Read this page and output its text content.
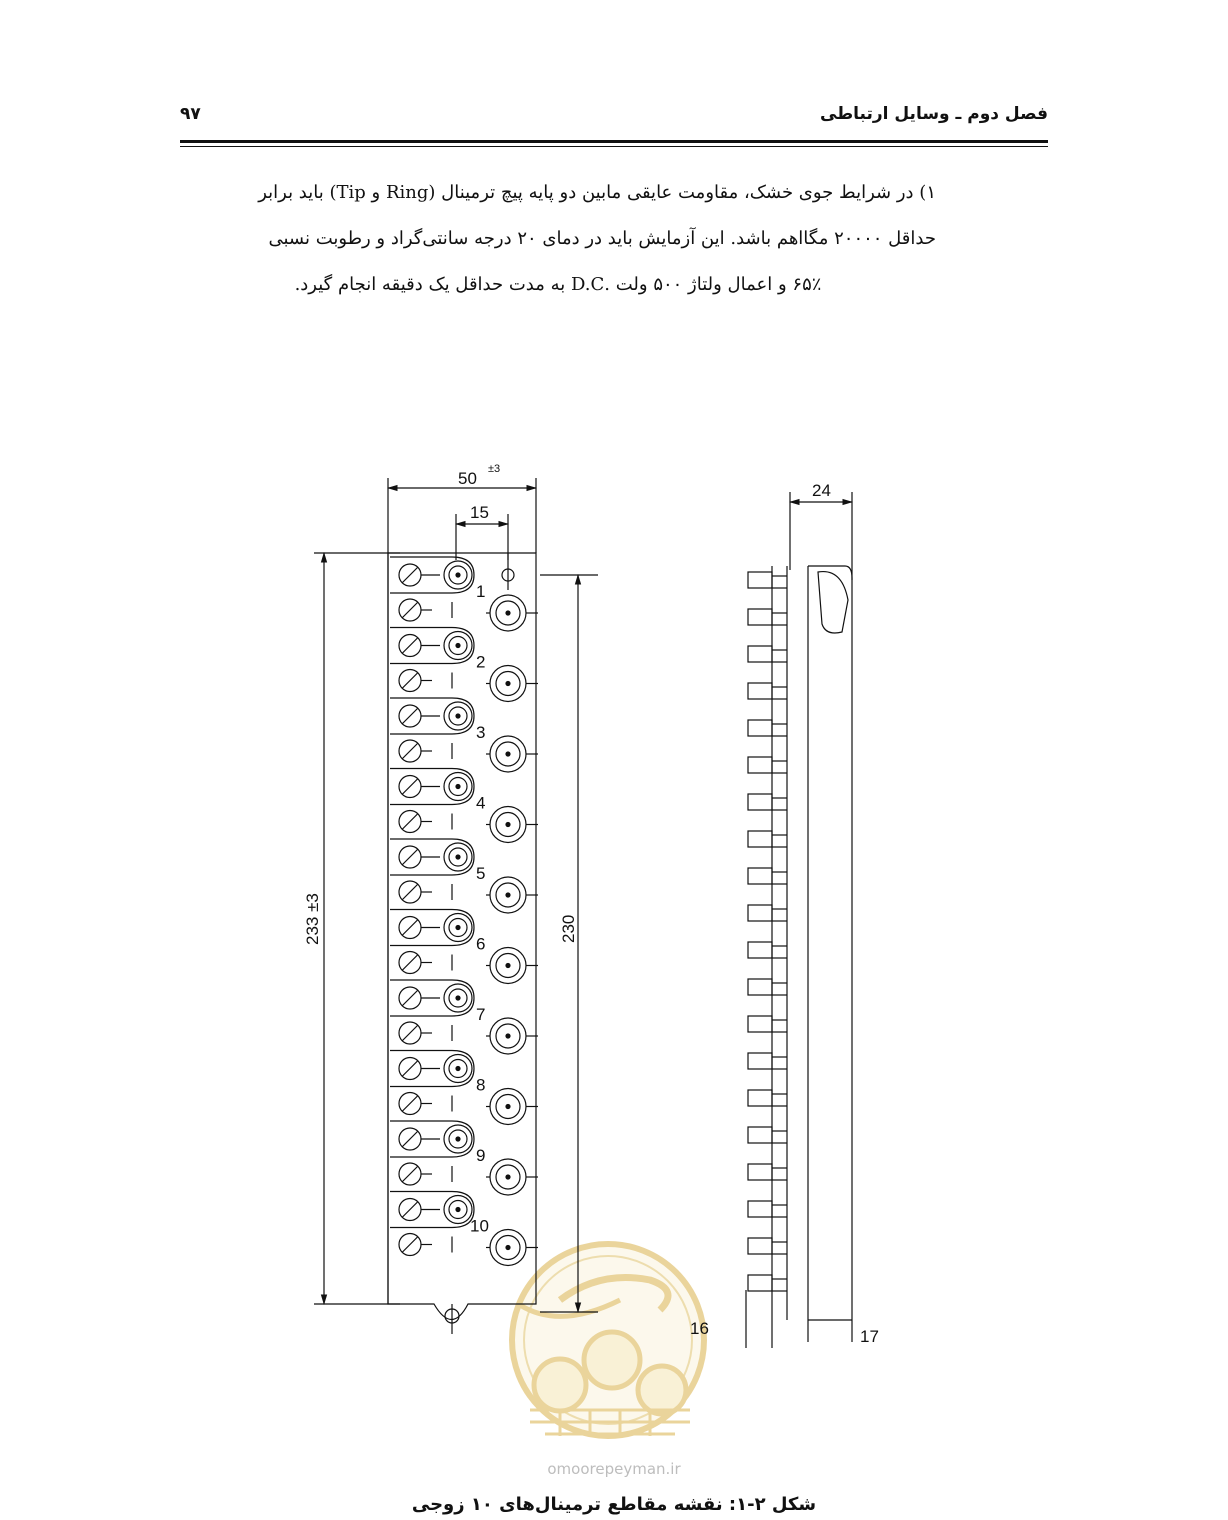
فصل دوم ـ وسایل ارتباطی
۹۷

۱) در شرایط جوی خشک، مقاومت عایقی مابین دو پایه پیچ ترمینال (Ring و Tip) باید برابر

حداقل ۲۰۰۰۰ مگااهم باشد. این آزمایش باید در دمای ۲۰ درجه سانتی‌گراد و رطوبت نسبی

۶۵٪ و اعمال ولتاژ ۵۰۰ ولت .D.C به مدت حداقل یک دقیقه انجام گیرد.

1
2
3
4
5
6
7
8
9
10
50 ±3
15
233 ±3	230
24
16	17
omoorepeyman.ir
شکل ۲-۱: نقشه مقاطع ترمینال‌های ۱۰ زوجی
